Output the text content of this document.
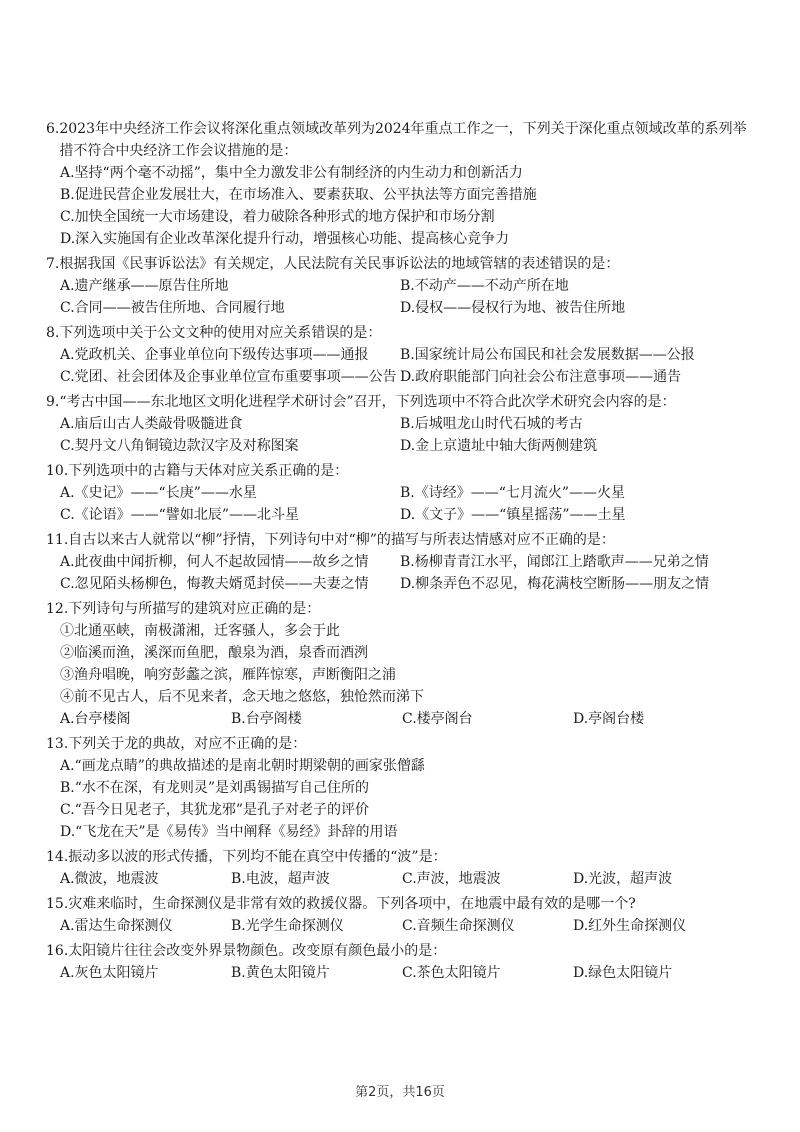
6. 2023年中央经济工作会议将深化重点领域改革列为2024年重点工作之一，下列关于深化重点领域改革的系列举措不符合中央经济工作会议措施的是：
A.坚持“两个毫不动摇”，集中全力激发非公有制经济的内生动力和创新活力
B.促进民营企业发展壮大，在市场准入、要素获取、公平执法等方面完善措施
C.加快全国统一大市场建设，着力破除各种形式的地方保护和市场分割
D.深入实施国有企业改革深化提升行动，增强核心功能、提高核心竞争力
7. 根据我国《民事诉讼法》有关规定，人民法院有关民事诉讼法的地域管辖的表述错误的是：
A.遗产继承——原告住所地	B.不动产——不动产所在地
C.合同——被告住所地、合同履行地	D.侵权——侵权行为地、被告住所地
8. 下列选项中关于公文文种的使用对应关系错误的是：
A.党政机关、企事业单位向下级传达事项——通报	B.国家统计局公布国民和社会发展数据——公报
C.党团、社会团体及企事业单位宣布重要事项——公告 D.政府职能部门向社会公布注意事项——通告
9. “考古中国——东北地区文明化进程学术研讨会”召开，下列选项中不符合此次学术研究会内容的是：
A.庙后山古人类敲骨吸髓进食	B.后城咀龙山时代石城的考古
C.契丹文八角铜镜边款汉字及对称图案	D.金上京遗址中轴大街两侧建筑
10. 下列选项中的古籍与天体对应关系正确的是：
A.《史记》——“长庚”——水星	B.《诗经》——“七月流火”——火星
C.《论语》——“譬如北辰”——北斗星	D.《文子》——“镇星摇荡”——土星
11. 自古以来古人就常以“柳”抒情，下列诗句中对“柳”的描写与所表达情感对应不正确的是：
A.此夜曲中闻折柳，何人不起故园情——故乡之情	B.杨柳青青江水平，闻郎江上踏歌声——兄弟之情
C.忽见陌头杨柳色，悔教夫婿觅封侯——夫妻之情	D.柳条弄色不忍见，梅花满枝空断肠——朋友之情
12. 下列诗句与所描写的建筑对应正确的是：
①北通巫峡，南极潇湘，迁客骚人，多会于此
②临溪而渔，溪深而鱼肥，酿泉为酒，泉香而酒洌
③渔舟唱晚，响穷彭蠡之滨，雁阵惊寒，声断衡阳之浦
④前不见古人，后不见来者，念天地之悠悠，独怆然而涕下
A.台亭楼阁	B.台亭阁楼	C.楼亭阁台	D.亭阁台楼
13. 下列关于龙的典故，对应不正确的是：
A.“画龙点睛”的典故描述的是南北朝时期梁朝的画家张僧繇
B.“水不在深，有龙则灵”是刘禹锡描写自己住所的
C.“吾今日见老子，其犹龙邪”是孔子对老子的评价
D.“飞龙在天”是《易传》当中阐释《易经》卦辞的用语
14. 振动多以波的形式传播，下列均不能在真空中传播的“波”是：
A.微波，地震波	B.电波，超声波	C.声波，地震波	D.光波，超声波
15. 灾难来临时，生命探测仪是非常有效的救援仪器。下列各项中，在地震中最有效的是哪一个?
A.雷达生命探测仪	B.光学生命探测仪	C.音频生命探测仪	D.红外生命探测仪
16. 太阳镜片往往会改变外界景物颜色。改变原有颜色最小的是：
A.灰色太阳镜片	B.黄色太阳镜片	C.茶色太阳镜片	D.绿色太阳镜片
第2页，共16页
